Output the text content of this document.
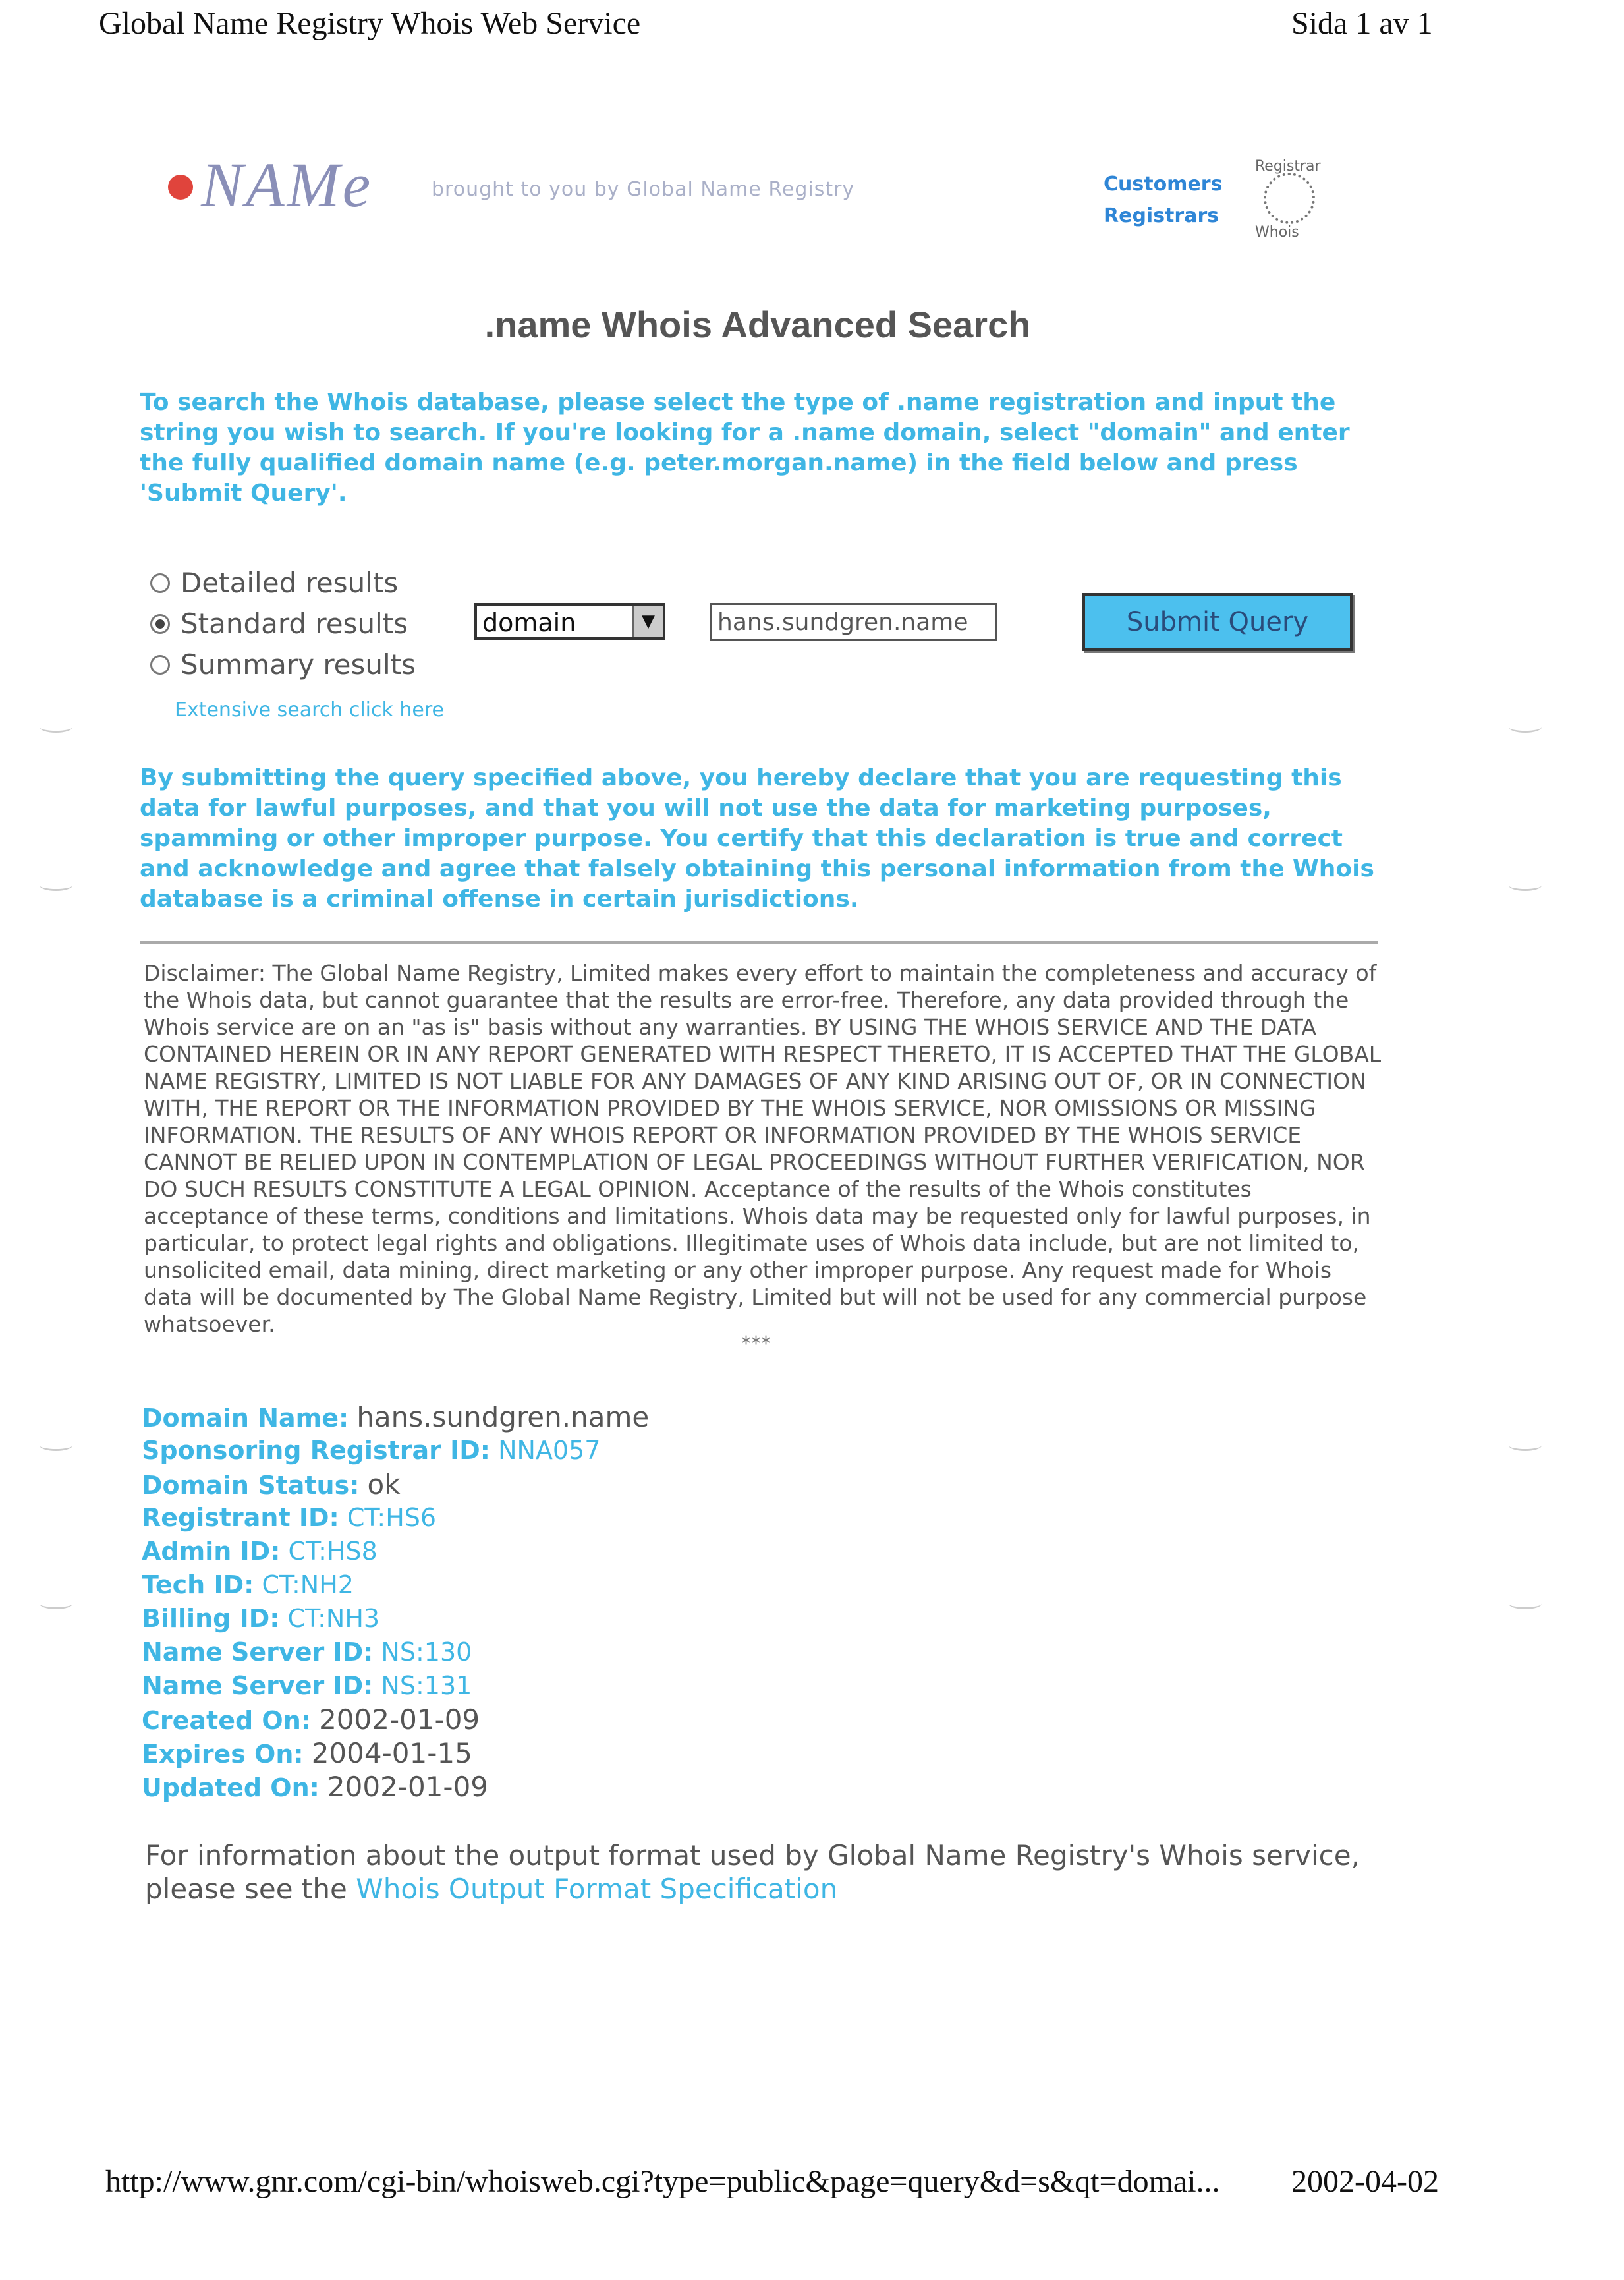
Global Name Registry Whois Web Service	Sida 1 av 1
NAMe	brought to you by Global Name Registry	Customers
Registrars
Registrar
Whois
.name Whois Advanced Search
To search the Whois database, please select the type of .name registration and input the string you wish to search. If you're looking for a .name domain, select "domain" and enter the fully qualified domain name (e.g. peter.morgan.name) in the field below and press 'Submit Query'.
Detailed results
Standard results
Summary results
domain	▼
hans.sundgren.name	Submit Query
Extensive search click here
By submitting the query specified above, you hereby declare that you are requesting this data for lawful purposes, and that you will not use the data for marketing purposes, spamming or other improper purpose. You certify that this declaration is true and correct and acknowledge and agree that falsely obtaining this personal information from the Whois database is a criminal offense in certain jurisdictions.
Disclaimer: The Global Name Registry, Limited makes every effort to maintain the completeness and accuracy of the Whois data, but cannot guarantee that the results are error-free. Therefore, any data provided through the Whois service are on an "as is" basis without any warranties. BY USING THE WHOIS SERVICE AND THE DATA CONTAINED HEREIN OR IN ANY REPORT GENERATED WITH RESPECT THERETO, IT IS ACCEPTED THAT THE GLOBAL NAME REGISTRY, LIMITED IS NOT LIABLE FOR ANY DAMAGES OF ANY KIND ARISING OUT OF, OR IN CONNECTION WITH, THE REPORT OR THE INFORMATION PROVIDED BY THE WHOIS SERVICE, NOR OMISSIONS OR MISSING INFORMATION. THE RESULTS OF ANY WHOIS REPORT OR INFORMATION PROVIDED BY THE WHOIS SERVICE CANNOT BE RELIED UPON IN CONTEMPLATION OF LEGAL PROCEEDINGS WITHOUT FURTHER VERIFICATION, NOR DO SUCH RESULTS CONSTITUTE A LEGAL OPINION. Acceptance of the results of the Whois constitutes acceptance of these terms, conditions and limitations. Whois data may be requested only for lawful purposes, in particular, to protect legal rights and obligations. Illegitimate uses of Whois data include, but are not limited to, unsolicited email, data mining, direct marketing or any other improper purpose. Any request made for Whois data will be documented by The Global Name Registry, Limited but will not be used for any commercial purpose whatsoever.
***
Domain Name: hans.sundgren.name
Sponsoring Registrar ID: NNA057
Domain Status: ok
Registrant ID: CT:HS6
Admin ID: CT:HS8
Tech ID: CT:NH2
Billing ID: CT:NH3
Name Server ID: NS:130
Name Server ID: NS:131
Created On: 2002-01-09
Expires On: 2004-01-15
Updated On: 2002-01-09
For information about the output format used by Global Name Registry's Whois service,
please see the Whois Output Format Specification
http://www.gnr.com/cgi-bin/whoisweb.cgi?type=public&page=query&d=s&qt=domai... 2002-04-02
